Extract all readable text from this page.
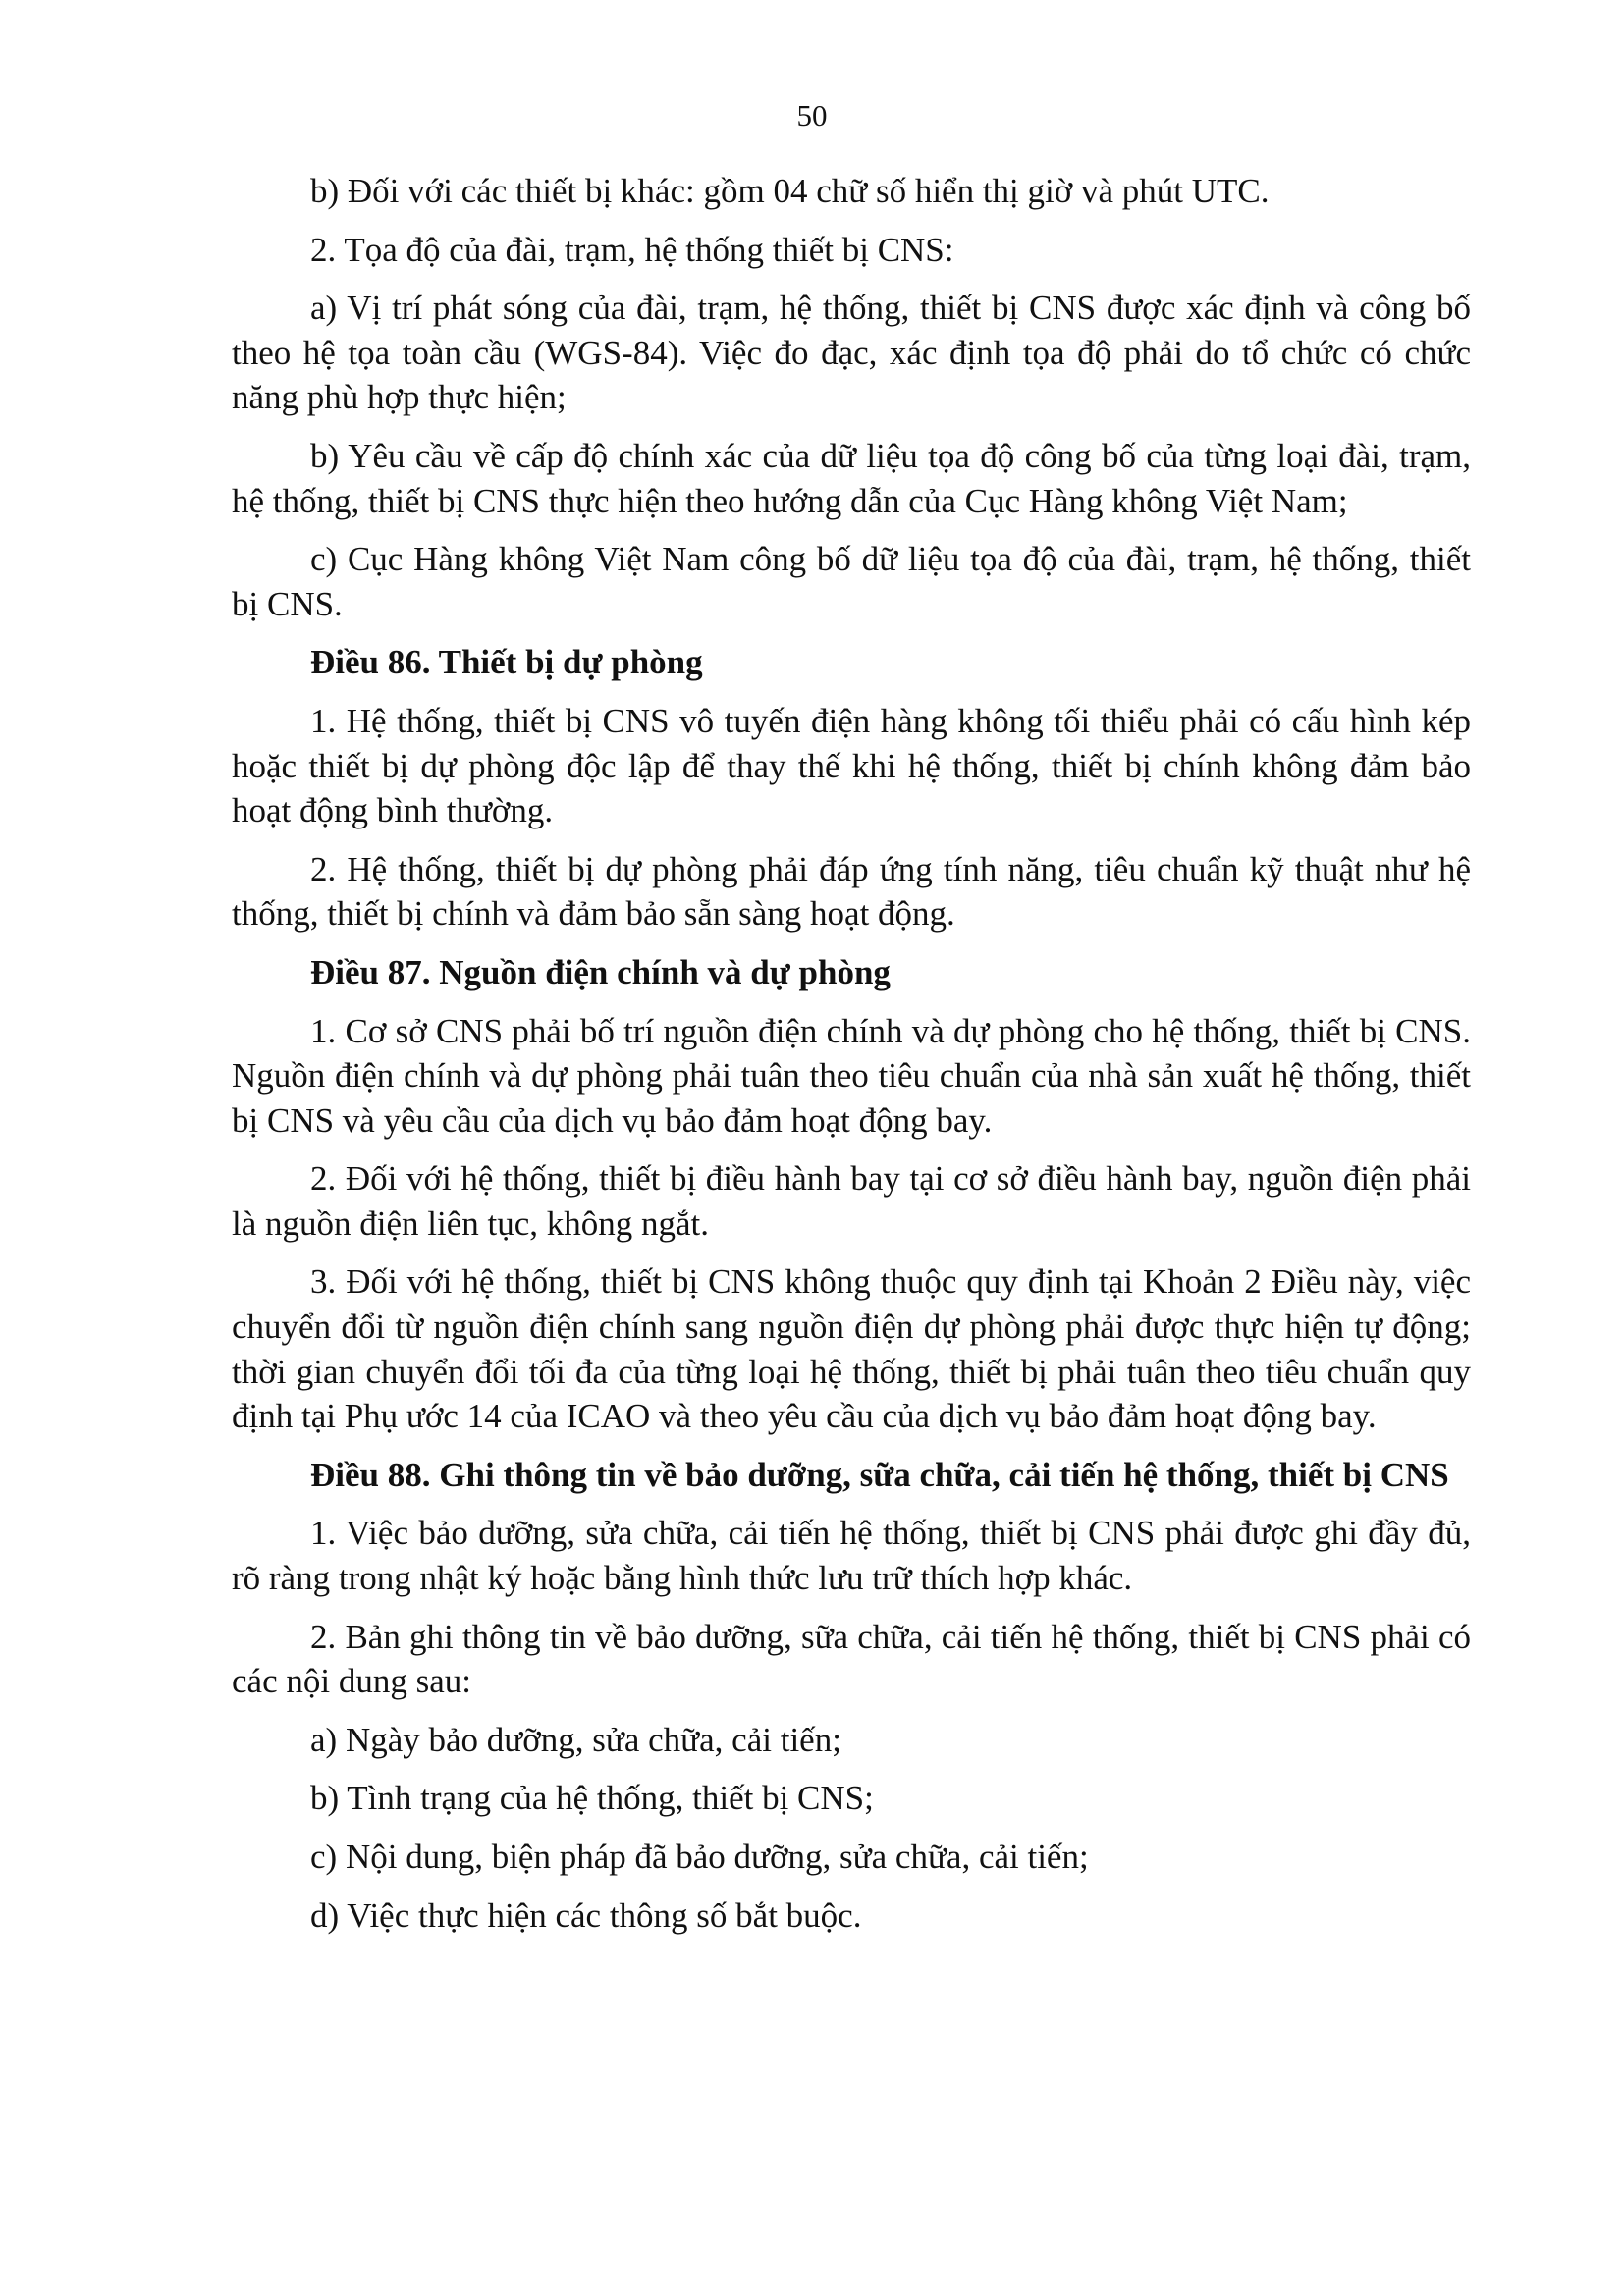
50

b) Đối với các thiết bị khác: gồm 04 chữ số hiển thị giờ và phút UTC.

2. Tọa độ của đài, trạm, hệ thống thiết bị CNS:

a) Vị trí phát sóng của đài, trạm, hệ thống, thiết bị CNS được xác định và công bố theo hệ tọa toàn cầu (WGS-84). Việc đo đạc, xác định tọa độ phải do tổ chức có chức năng phù hợp thực hiện;

b) Yêu cầu về cấp độ chính xác của dữ liệu tọa độ công bố của từng loại đài, trạm, hệ thống, thiết bị CNS thực hiện theo hướng dẫn của Cục Hàng không Việt Nam;

c) Cục Hàng không Việt Nam công bố dữ liệu tọa độ của đài, trạm, hệ thống, thiết bị CNS.

Điều 86. Thiết bị dự phòng

1. Hệ thống, thiết bị CNS vô tuyến điện hàng không tối thiểu phải có cấu hình kép hoặc thiết bị dự phòng độc lập để thay thế khi hệ thống, thiết bị chính không đảm bảo hoạt động bình thường.

2. Hệ thống, thiết bị dự phòng phải đáp ứng tính năng, tiêu chuẩn kỹ thuật như hệ thống, thiết bị chính và đảm bảo sẵn sàng hoạt động.

Điều 87. Nguồn điện chính và dự phòng

1. Cơ sở CNS phải bố trí nguồn điện chính và dự phòng cho hệ thống, thiết bị CNS. Nguồn điện chính và dự phòng phải tuân theo tiêu chuẩn của nhà sản xuất hệ thống, thiết bị CNS và yêu cầu của dịch vụ bảo đảm hoạt động bay.

2. Đối với hệ thống, thiết bị điều hành bay tại cơ sở điều hành bay, nguồn điện phải là nguồn điện liên tục, không ngắt.

3. Đối với hệ thống, thiết bị CNS không thuộc quy định tại Khoản 2 Điều này, việc chuyển đổi từ nguồn điện chính sang nguồn điện dự phòng phải được thực hiện tự động; thời gian chuyển đổi tối đa của từng loại hệ thống, thiết bị phải tuân theo tiêu chuẩn quy định tại Phụ ước 14 của ICAO và theo yêu cầu của dịch vụ bảo đảm hoạt động bay.

Điều 88. Ghi thông tin về bảo dưỡng, sữa chữa, cải tiến hệ thống, thiết bị CNS

1. Việc bảo dưỡng, sửa chữa, cải tiến hệ thống, thiết bị CNS phải được ghi đầy đủ, rõ ràng trong nhật ký hoặc bằng hình thức lưu trữ thích hợp khác.

2. Bản ghi thông tin về bảo dưỡng, sữa chữa, cải tiến hệ thống, thiết bị CNS phải có các nội dung sau:

a) Ngày bảo dưỡng, sửa chữa, cải tiến;

b) Tình trạng của hệ thống, thiết bị CNS;

c) Nội dung, biện pháp đã bảo dưỡng, sửa chữa, cải tiến;

d) Việc thực hiện các thông số bắt buộc.
